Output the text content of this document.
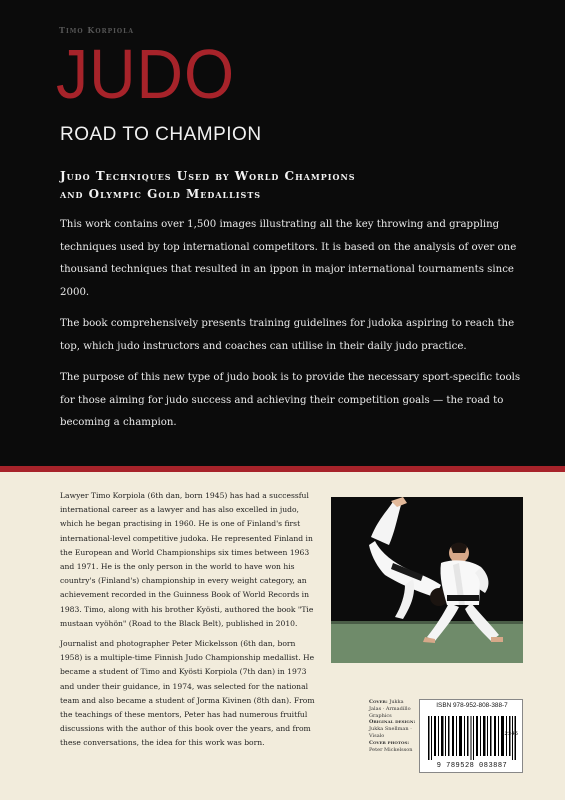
Timo Korpiola
JUDO
ROAD TO CHAMPION
Judo Techniques Used by World Champions
and Olympic Gold Medallists

This work contains over 1,500 images illustrating all the key throwing and grappling techniques used by top international competitors. It is based on the analysis of over one thousand techniques that resulted in an ippon in major international tournaments since 2000.

The book comprehensively presents training guidelines for judoka aspiring to reach the top, which judo instructors and coaches can utilise in their daily judo practice.

The purpose of this new type of judo book is to provide the necessary sport-specific tools for those aiming for judo success and achieving their competition goals — the road to becoming a champion.

Lawyer Timo Korpiola (6th dan, born 1945) has had a successful international career as a lawyer and has also excelled in judo, which he began practising in 1960. He is one of Finland's first international-level competitive judoka. He represented Finland in the European and World Championships six times between 1963 and 1971. He is the only person in the world to have won his country's (Finland's) championship in every weight category, an achievement recorded in the Guinness Book of World Records in 1983. Timo, along with his brother Kyösti, authored the book "Tie mustaan vyöhön" (Road to the Black Belt), published in 2010.

Journalist and photographer Peter Mickelsson (6th dan, born 1958) is a multiple-time Finnish Judo Championship medallist. He became a student of Timo and Kyösti Korpiola (7th dan) in 1973 and under their guidance, in 1974, was selected for the national team and also became a student of Jorma Kivinen (8th dan). From the teachings of these mentors, Peter has had numerous fruitful discussions with the author of this book over the years, and from these conversations, the idea for this work was born.

Cover: Jukka Jalas · Armadillo Graphics
Original design: Jukka Snellman · Visalo
Cover photos: Peter Mickelsson
ISBN 978-952-808-388-7
12345
9 789528 083887
